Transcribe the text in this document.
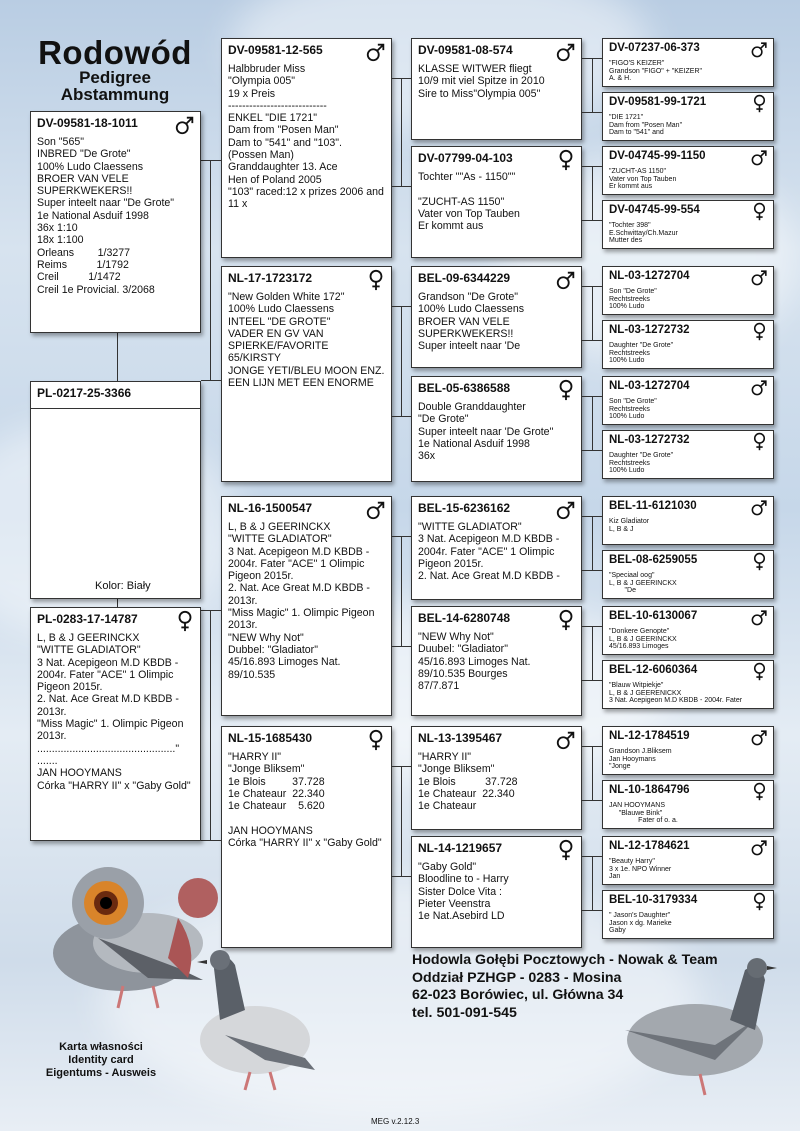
Rodowód
Pedigree
Abstammung
DV-09581-18-1011
Son "565"
INBRED "De Grote"
100% Ludo Claessens
BROER VAN VELE
SUPERKWEKERS!!
Super inteelt naar "De Grote"
1e National Asduif 1998
36x 1:10
18x 1:100
Orleans        1/3277
Reims          1/1792
Creil          1/1472
Creil 1e Provicial. 3/2068
PL-0217-25-3366
Kolor: Biały
PL-0283-17-14787
L, B & J GEERINCKX
"WITTE GLADIATOR"
3 Nat. Acepigeon M.D KBDB -
2004r. Fater "ACE" 1 Olimpic
Pigeon 2015r.
2. Nat. Ace Great M.D KBDB -
2013r.
"Miss Magic" 1. Olimpic Pigeon
2013r.
..............................................."
.......
JAN HOOYMANS
Córka "HARRY II" x "Gaby Gold"
DV-09581-12-565
Halbbruder Miss
"Olympia 005"
19 x Preis
----------------------------
ENKEL "DIE 1721"
Dam from "Posen Man"
Dam to "541" and "103".
(Possen Man)
Granddaughter 13. Ace
Hen of Poland 2005
"103" raced:12 x prizes 2006 and
11 x
NL-17-1723172
"New Golden White 172"
100% Ludo Claessens
INTEEL "DE GROTE"
VADER EN GV VAN
SPIERKE/FAVORITE
65/KIRSTY
JONGE YETI/BLEU MOON ENZ.
EEN LIJN MET EEN ENORME
NL-16-1500547
L, B & J GEERINCKX
"WITTE GLADIATOR"
3 Nat. Acepigeon M.D KBDB -
2004r. Fater "ACE" 1 Olimpic
Pigeon 2015r.
2. Nat. Ace Great M.D KBDB -
2013r.
"Miss Magic" 1. Olimpic Pigeon
2013r.
"NEW Why Not"
Dubbel: "Gladiator"
45/16.893 Limoges Nat.
89/10.535
NL-15-1685430
"HARRY II"
"Jonge Bliksem"
1e Blois         37.728
1e Chateaur  22.340
1e Chateaur    5.620

JAN HOOYMANS
Córka "HARRY II" x "Gaby Gold"
DV-09581-08-574
KLASSE WITWER fliegt
10/9 mit viel Spitze in 2010
Sire to Miss"Olympia 005"
DV-07799-04-103
Tochter ""As - 1150""

"ZUCHT-AS 1150"
Vater von Top Tauben
Er kommt aus
BEL-09-6344229
Grandson "De Grote"
100% Ludo Claessens
BROER VAN VELE
SUPERKWEKERS!!
Super inteelt naar 'De
BEL-05-6386588
Double Granddaughter
"De Grote"
Super inteelt naar 'De Grote"
1e National Asduif 1998
36x
BEL-15-6236162
"WITTE GLADIATOR"
3 Nat. Acepigeon M.D KBDB -
2004r. Fater "ACE" 1 Olimpic
Pigeon 2015r.
2. Nat. Ace Great M.D KBDB -
BEL-14-6280748
"NEW Why Not"
Duubel: "Gladiator"
45/16.893 Limoges Nat.
89/10.535 Bourges
87/7.871
NL-13-1395467
"HARRY II"
"Jonge Bliksem"
1e Blois          37.728
1e Chateaur  22.340
1e Chateaur
NL-14-1219657
"Gaby Gold"
Bloodline to - Harry
Sister Dolce Vita :
Pieter Veenstra
1e Nat.Asebird LD
DV-07237-06-373
"FIGO'S KEIZER"
Grandson "FIGO" + "KEIZER"
A. & H.
DV-09581-99-1721
"DIE 1721"
Dam from "Posen Man"
Dam to "541" and
DV-04745-99-1150
"ZUCHT-AS 1150"
Vater von Top Tauben
Er kommt aus
DV-04745-99-554
"Tochter 398"
E.Schwittay/Ch.Mazur
Mutter des
NL-03-1272704
Son "De Grote"
Rechtstreeks
100% Ludo
NL-03-1272732
Daughter "De Grote"
Rechtstreeks
100% Ludo
NL-03-1272704
Son "De Grote"
Rechtstreeks
100% Ludo
NL-03-1272732
Daughter "De Grote"
Rechtstreeks
100% Ludo
BEL-11-6121030
Kiz Gladiator
L, B & J
BEL-08-6259055
"Speciaal oog"
L, B & J GEERINCKX
"De
BEL-10-6130067
"Donkere Genopte"
L, B & J GEERINCKX
45/16.893 Limoges
BEL-12-6060364
"Blauw Witpiekje"
L, B & J GEERENICKX
3 Nat. Acepigeon M.D KBDB - 2004r. Fater
NL-12-1784519
Grandson J.Bliksem
Jan Hooymans
"Jonge
NL-10-1864796
JAN HOOYMANS
"Blauwe Bink"
Fater of o. a.
NL-12-1784621
"Beauty Harry"
3 x 1e. NPO Winner
Jan
BEL-10-3179334
" Jason's Daughter"
Jason x dg. Marieke
Gaby
Hodowla Gołębi Pocztowych - Nowak & Team
Oddział PZHGP - 0283 - Mosina
62-023 Borówiec, ul. Główna 34
tel. 501-091-545
Karta własności
Identity card
Eigentums - Ausweis
MEG v.2.12.3
